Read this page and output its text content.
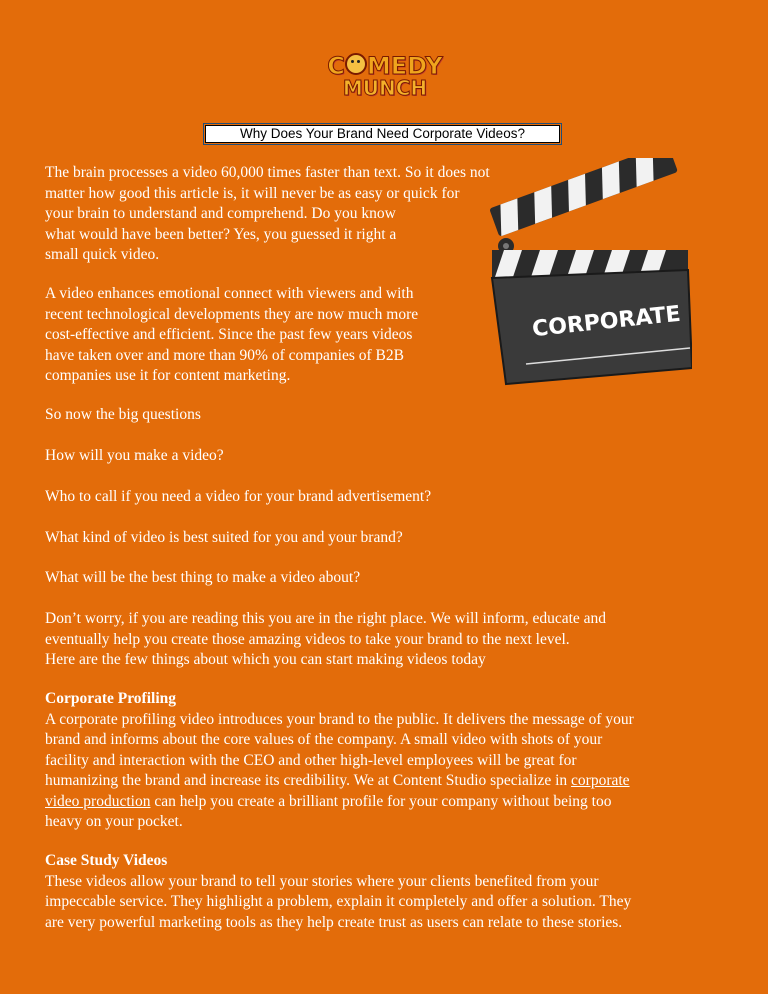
C MEDY
MUNCH
Why Does Your Brand Need Corporate Videos?
CORPORATE

The brain processes a video 60,000 times faster than text. So it does not

matter how good this article is, it will never be as easy or quick for

your brain to understand and comprehend. Do you know

what would have been better? Yes, you guessed it right a

small quick video.

A video enhances emotional connect with viewers and with

recent technological developments they are now much more

cost-effective and efficient. Since the past few years videos

have taken over and more than 90% of companies of B2B

companies use it for content marketing.

So now the big questions

How will you make a video?

Who to call if you need a video for your brand advertisement?

What kind of video is best suited for you and your brand?

What will be the best thing to make a video about?

Don’t worry, if you are reading this you are in the right place. We will inform, educate and

eventually help you create those amazing videos to take your brand to the next level.

Here are the few things about which you can start making videos today

Corporate Profiling

A corporate profiling video introduces your brand to the public. It delivers the message of your

brand and informs about the core values of the company. A small video with shots of your

facility and interaction with the CEO and other high-level employees will be great for

humanizing the brand and increase its credibility. We at Content Studio specialize in corporate

video production can help you create a brilliant profile for your company without being too

heavy on your pocket.

Case Study Videos

These videos allow your brand to tell your stories where your clients benefited from your

impeccable service. They highlight a problem, explain it completely and offer a solution. They

are very powerful marketing tools as they help create trust as users can relate to these stories.
